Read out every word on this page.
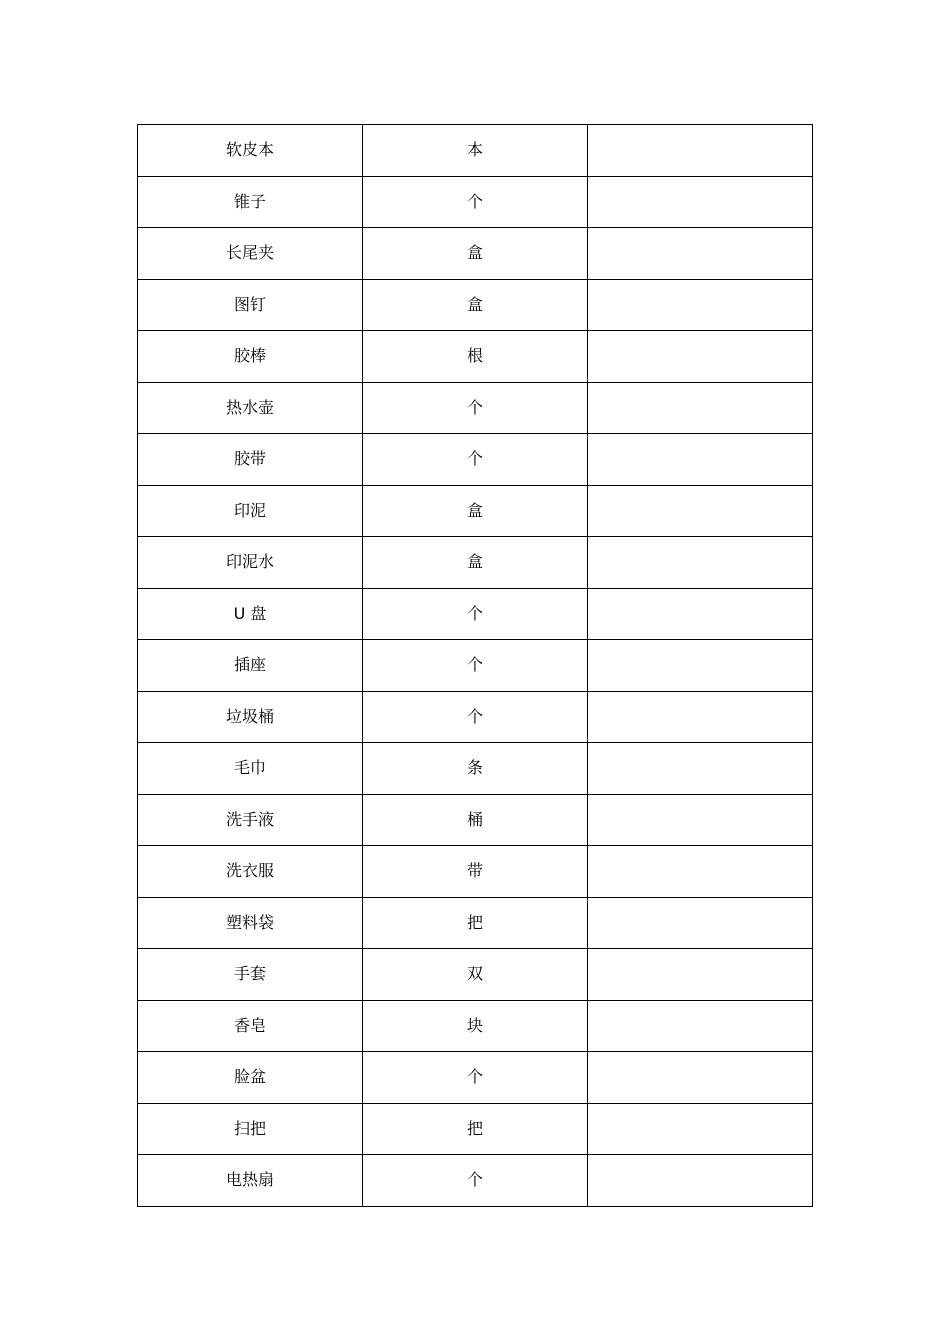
软皮本	本	
锥子	个	
长尾夹	盒	
图钉	盒	
胶棒	根	
热水壶	个	
胶带	个	
印泥	盒	
印泥水	盒	
U 盘	个	
插座	个	
垃圾桶	个	
毛巾	条	
洗手液	桶	
洗衣服	带	
塑料袋	把	
手套	双	
香皂	块	
脸盆	个	
扫把	把	
电热扇	个	
